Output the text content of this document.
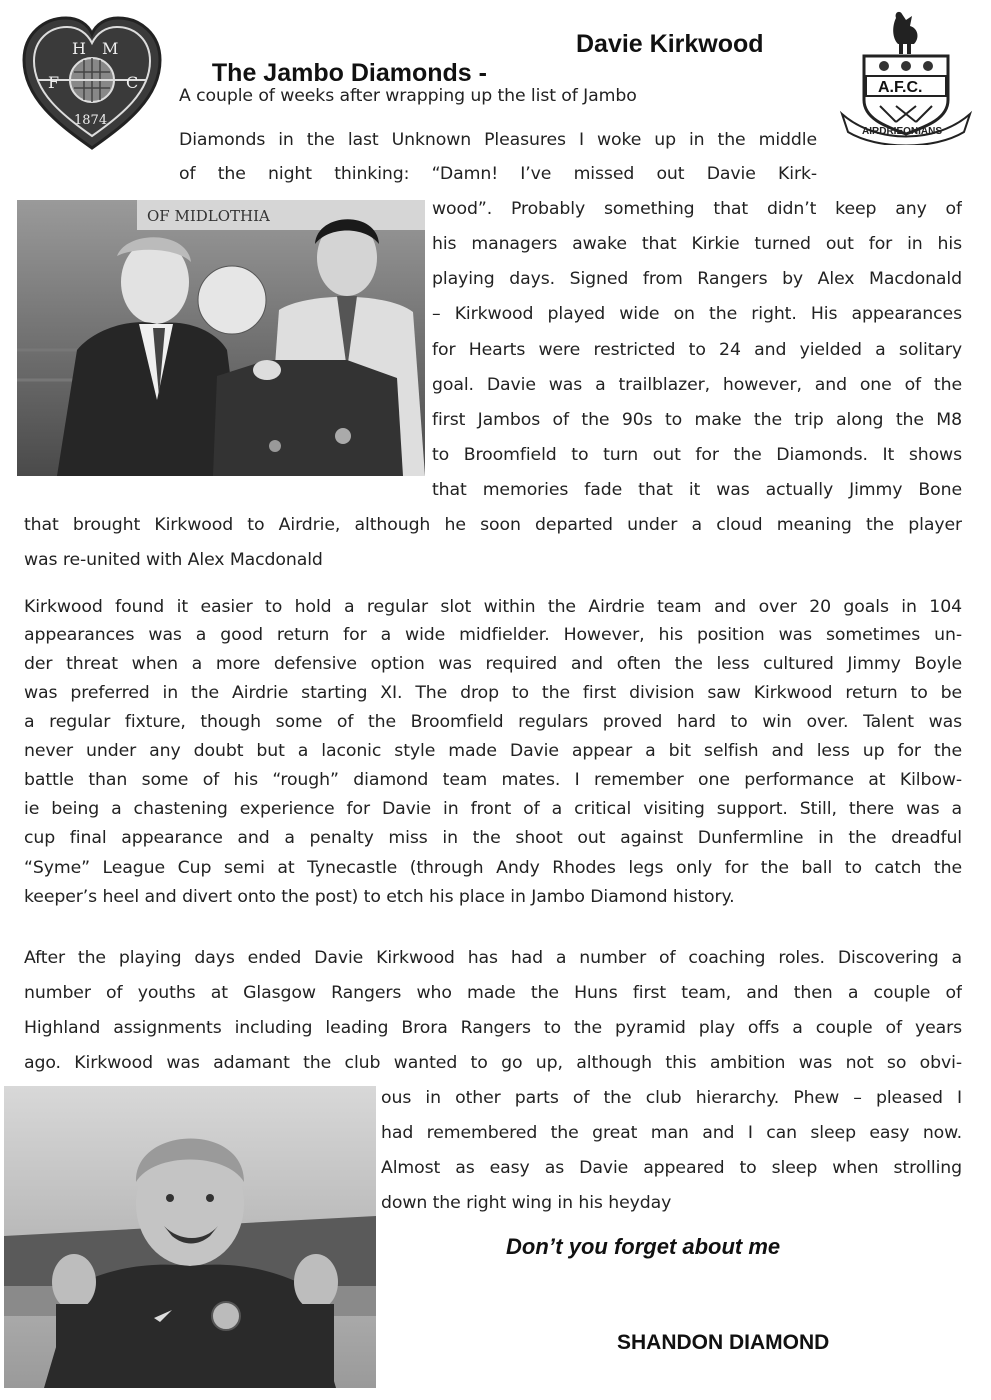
The Jambo Diamonds -

Davie Kirkwood
H M
F	C
1874
A.F.C.
AIRDRIEONIANS
OF MIDLOTHIA
A couple of weeks after wrapping up the list of Jambo
Diamonds in the last Unknown Pleasures I woke up in the middle
of the night thinking: “Damn! I’ve missed out Davie Kirk-
wood”. Probably something that didn’t keep any of
his managers awake that Kirkie turned out for in his
playing days. Signed from Rangers by Alex Macdonald
– Kirkwood played wide on the right. His appearances
for Hearts were restricted to 24 and yielded a solitary
goal. Davie was a trailblazer, however, and one of the
first Jambos of the 90s to make the trip along the M8
to Broomfield to turn out for the Diamonds. It shows
that memories fade that it was actually Jimmy Bone
that brought Kirkwood to Airdrie, although he soon departed under a cloud meaning the player
was re-united with Alex Macdonald
Kirkwood found it easier to hold a regular slot within the Airdrie team and over 20 goals in 104
appearances was a good return for a wide midfielder. However, his position was sometimes un-
der threat when a more defensive option was required and often the less cultured Jimmy Boyle
was preferred in the Airdrie starting XI. The drop to the first division saw Kirkwood return to be
a regular fixture, though some of the Broomfield regulars proved hard to win over. Talent was
never under any doubt but a laconic style made Davie appear a bit selfish and less up for the
battle than some of his “rough” diamond team mates. I remember one performance at Kilbow-
ie being a chastening experience for Davie in front of a critical visiting support. Still, there was a
cup final appearance and a penalty miss in the shoot out against Dunfermline in the dreadful
“Syme” League Cup semi at Tynecastle (through Andy Rhodes legs only for the ball to catch the
keeper’s heel and divert onto the post) to etch his place in Jambo Diamond history.
After the playing days ended Davie Kirkwood has had a number of coaching roles. Discovering a
number of youths at Glasgow Rangers who made the Huns first team, and then a couple of
Highland assignments including leading Brora Rangers to the pyramid play offs a couple of years
ago. Kirkwood was adamant the club wanted to go up, although this ambition was not so obvi-
ous in other parts of the club hierarchy. Phew – pleased I
had remembered the great man and I can sleep easy now.
Almost as easy as Davie appeared to sleep when strolling
down the right wing in his heyday
Don’t you forget about me
SHANDON DIAMOND
